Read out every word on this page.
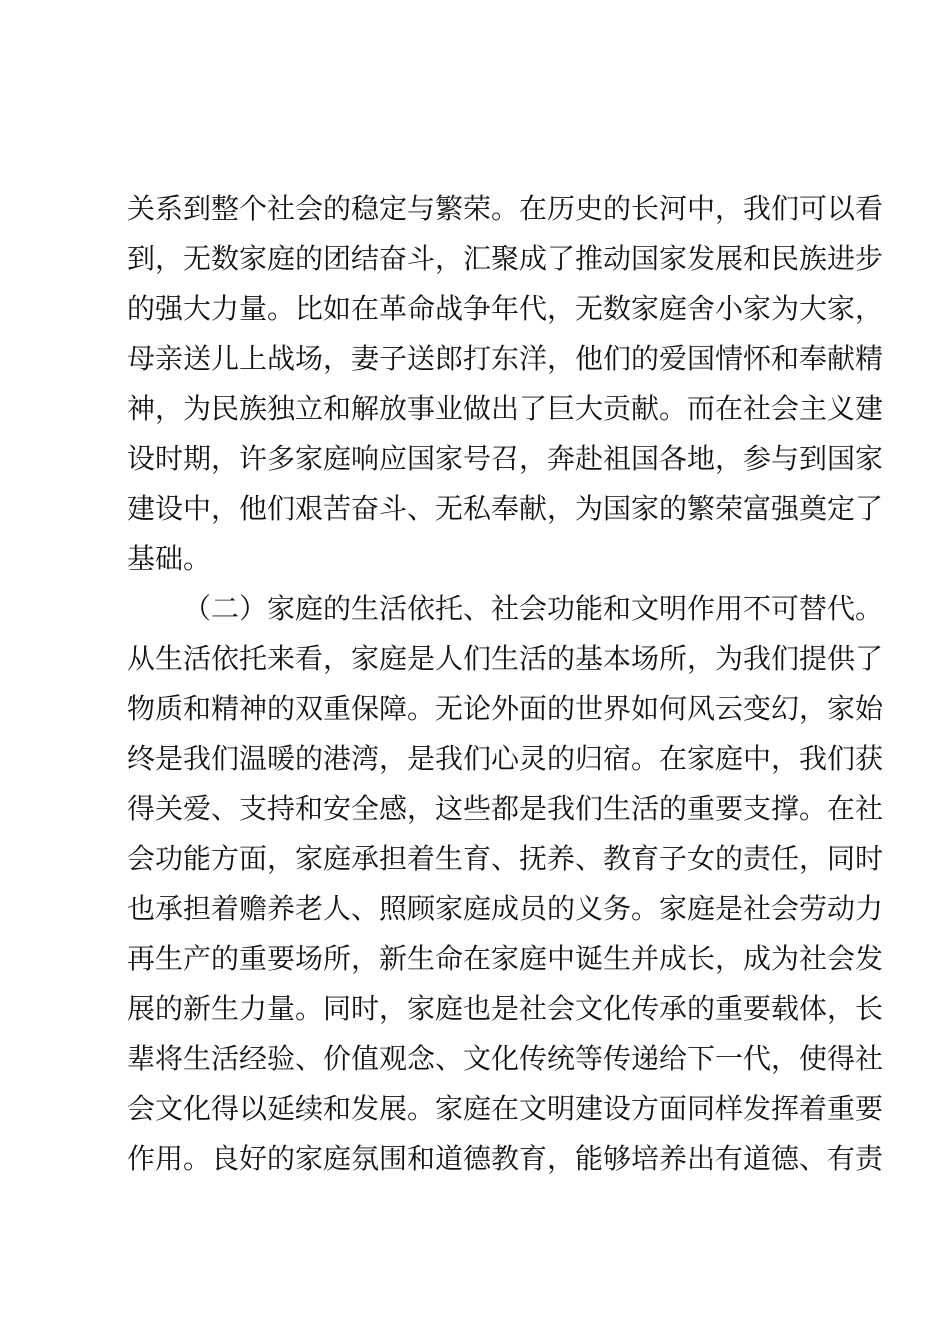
关系到整个社会的稳定与繁荣。在历史的长河中，我们可以看
到，无数家庭的团结奋斗，汇聚成了推动国家发展和民族进步
的强大力量。比如在革命战争年代，无数家庭舍小家为大家，
母亲送儿上战场，妻子送郎打东洋，他们的爱国情怀和奉献精
神，为民族独立和解放事业做出了巨大贡献。而在社会主义建
设时期，许多家庭响应国家号召，奔赴祖国各地，参与到国家
建设中，他们艰苦奋斗、无私奉献，为国家的繁荣富强奠定了
基础。
（二）家庭的生活依托、社会功能和文明作用不可替代。
从生活依托来看，家庭是人们生活的基本场所，为我们提供了
物质和精神的双重保障。无论外面的世界如何风云变幻，家始
终是我们温暖的港湾，是我们心灵的归宿。在家庭中，我们获
得关爱、支持和安全感，这些都是我们生活的重要支撑。在社
会功能方面，家庭承担着生育、抚养、教育子女的责任，同时
也承担着赡养老人、照顾家庭成员的义务。家庭是社会劳动力
再生产的重要场所，新生命在家庭中诞生并成长，成为社会发
展的新生力量。同时，家庭也是社会文化传承的重要载体，长
辈将生活经验、价值观念、文化传统等传递给下一代，使得社
会文化得以延续和发展。家庭在文明建设方面同样发挥着重要
作用。良好的家庭氛围和道德教育，能够培养出有道德、有责
